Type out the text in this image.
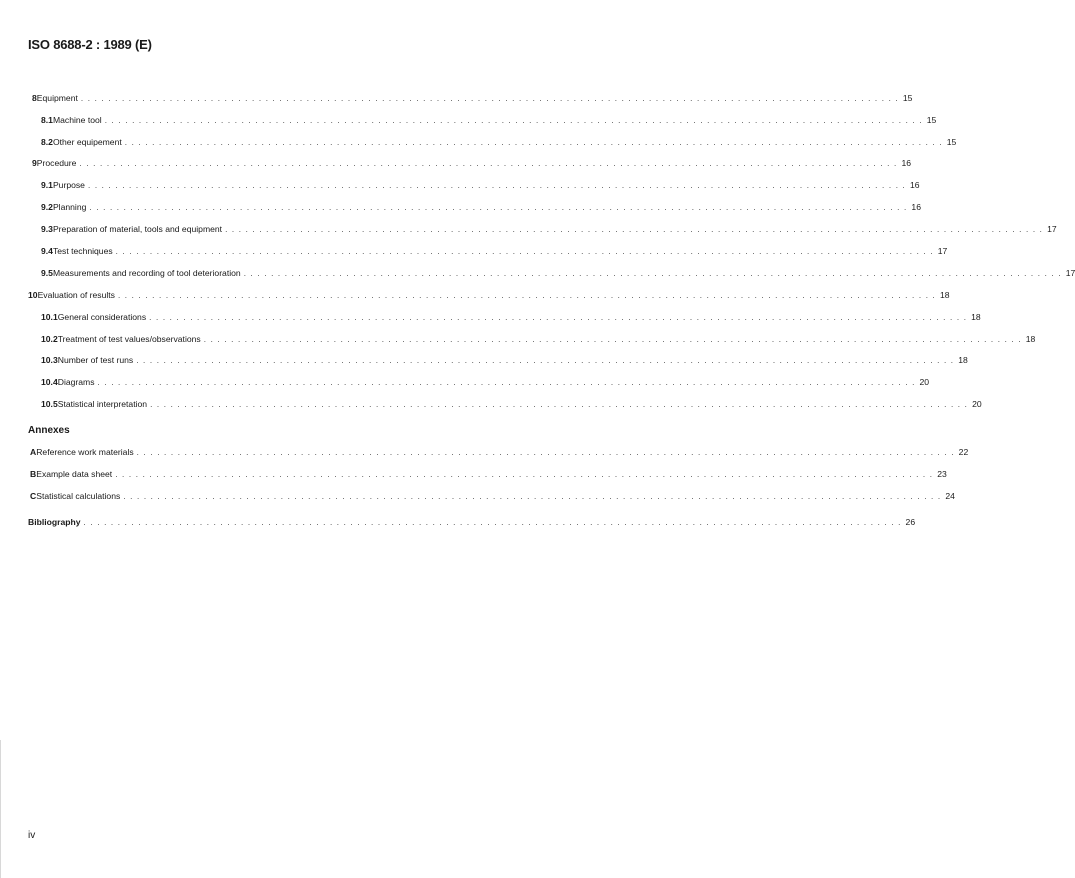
ISO 8688-2 : 1989 (E)
8 Equipment . . . . . . . . . . . . . . . . . . . . . . . . . . . . . . . . . . . . . . . . . . . . . . . . . . . . . . . . . . . . . . . . . . . . . . . . . . . . . . . . . . . . . . . . . . . . . . . . . . . . . . . . . . . . . . . . . . . . . . . . 15
8.1 Machine tool . . . . . . . . . . . . . . . . . . . . . . . . . . . . . . . . . . . . . . . . . . . . . . . . . . . . . . . . . . . . . . . . . . . . . . . . . . . . . . . . . . . . . . . . . . . . . . . . . . . . . . . . . . . . . . . . . . . . . . . . 15
8.2 Other equipement . . . . . . . . . . . . . . . . . . . . . . . . . . . . . . . . . . . . . . . . . . . . . . . . . . . . . . . . . . . . . . . . . . . . . . . . . . . . . . . . . . . . . . . . . . . . . . . . . . . . . . . . . . . . . . . . . . . . . . . . 15
9 Procedure . . . . . . . . . . . . . . . . . . . . . . . . . . . . . . . . . . . . . . . . . . . . . . . . . . . . . . . . . . . . . . . . . . . . . . . . . . . . . . . . . . . . . . . . . . . . . . . . . . . . . . . . . . . . . . . . . . . . . . . . 16
9.1 Purpose . . . . . . . . . . . . . . . . . . . . . . . . . . . . . . . . . . . . . . . . . . . . . . . . . . . . . . . . . . . . . . . . . . . . . . . . . . . . . . . . . . . . . . . . . . . . . . . . . . . . . . . . . . . . . . . . . . . . . . . . 16
9.2 Planning . . . . . . . . . . . . . . . . . . . . . . . . . . . . . . . . . . . . . . . . . . . . . . . . . . . . . . . . . . . . . . . . . . . . . . . . . . . . . . . . . . . . . . . . . . . . . . . . . . . . . . . . . . . . . . . . . . . . . . . . 16
9.3 Preparation of material, tools and equipment . . . . . . . . . . . . . . . . . . . . . . . . . . . . . . . . . . . . . . . . . . . . . . . . . . . . . . . . . . . . . . . . . . . . . . . . . . . . . . . . . . . . . . . . . . . . . . . . . . . . . . . . . . . . . . . . . . . . . . . . 17
9.4 Test techniques . . . . . . . . . . . . . . . . . . . . . . . . . . . . . . . . . . . . . . . . . . . . . . . . . . . . . . . . . . . . . . . . . . . . . . . . . . . . . . . . . . . . . . . . . . . . . . . . . . . . . . . . . . . . . . . . . . . . . . . . 17
9.5 Measurements and recording of tool deterioration . . . . . . . . . . . . . . . . . . . . . . . . . . . . . . . . . . . . . . . . . . . . . . . . . . . . . . . . . . . . . . . . . . . . . . . . . . . . . . . . . . . . . . . . . . . . . . . . . . . . . . . . . . . . . . . . . . . . . . . . 17
10 Evaluation of results . . . . . . . . . . . . . . . . . . . . . . . . . . . . . . . . . . . . . . . . . . . . . . . . . . . . . . . . . . . . . . . . . . . . . . . . . . . . . . . . . . . . . . . . . . . . . . . . . . . . . . . . . . . . . . . . . . . . . . . . 18
10.1 General considerations . . . . . . . . . . . . . . . . . . . . . . . . . . . . . . . . . . . . . . . . . . . . . . . . . . . . . . . . . . . . . . . . . . . . . . . . . . . . . . . . . . . . . . . . . . . . . . . . . . . . . . . . . . . . . . . . . . . . . . . . 18
10.2 Treatment of test values/observations . . . . . . . . . . . . . . . . . . . . . . . . . . . . . . . . . . . . . . . . . . . . . . . . . . . . . . . . . . . . . . . . . . . . . . . . . . . . . . . . . . . . . . . . . . . . . . . . . . . . . . . . . . . . . . . . . . . . . . . . 18
10.3 Number of test runs . . . . . . . . . . . . . . . . . . . . . . . . . . . . . . . . . . . . . . . . . . . . . . . . . . . . . . . . . . . . . . . . . . . . . . . . . . . . . . . . . . . . . . . . . . . . . . . . . . . . . . . . . . . . . . . . . . . . . . . . 18
10.4 Diagrams . . . . . . . . . . . . . . . . . . . . . . . . . . . . . . . . . . . . . . . . . . . . . . . . . . . . . . . . . . . . . . . . . . . . . . . . . . . . . . . . . . . . . . . . . . . . . . . . . . . . . . . . . . . . . . . . . . . . . . . . 20
10.5 Statistical interpretation . . . . . . . . . . . . . . . . . . . . . . . . . . . . . . . . . . . . . . . . . . . . . . . . . . . . . . . . . . . . . . . . . . . . . . . . . . . . . . . . . . . . . . . . . . . . . . . . . . . . . . . . . . . . . . . . . . . . . . . . 20
A Reference work materials . . . . . . . . . . . . . . . . . . . . . . . . . . . . . . . . . . . . . . . . . . . . . . . . . . . . . . . . . . . . . . . . . . . . . . . . . . . . . . . . . . . . . . . . . . . . . . . . . . . . . . . . . . . . . . . . . . . . . . . . 22
B Example data sheet . . . . . . . . . . . . . . . . . . . . . . . . . . . . . . . . . . . . . . . . . . . . . . . . . . . . . . . . . . . . . . . . . . . . . . . . . . . . . . . . . . . . . . . . . . . . . . . . . . . . . . . . . . . . . . . . . . . . . . . . 23
C Statistical calculations . . . . . . . . . . . . . . . . . . . . . . . . . . . . . . . . . . . . . . . . . . . . . . . . . . . . . . . . . . . . . . . . . . . . . . . . . . . . . . . . . . . . . . . . . . . . . . . . . . . . . . . . . . . . . . . . . . . . . . . . 24
Bibliography . . . . . . . . . . . . . . . . . . . . . . . . . . . . . . . . . . . . . . . . . . . . . . . . . . . . . . . . . . . . . . . . . . . . . . . . . . . . . . . . . . . . . . . . . . . . . . . . . . . . . . . . . . . . . . . . . . . . . . . . 26
Annexes
iv
